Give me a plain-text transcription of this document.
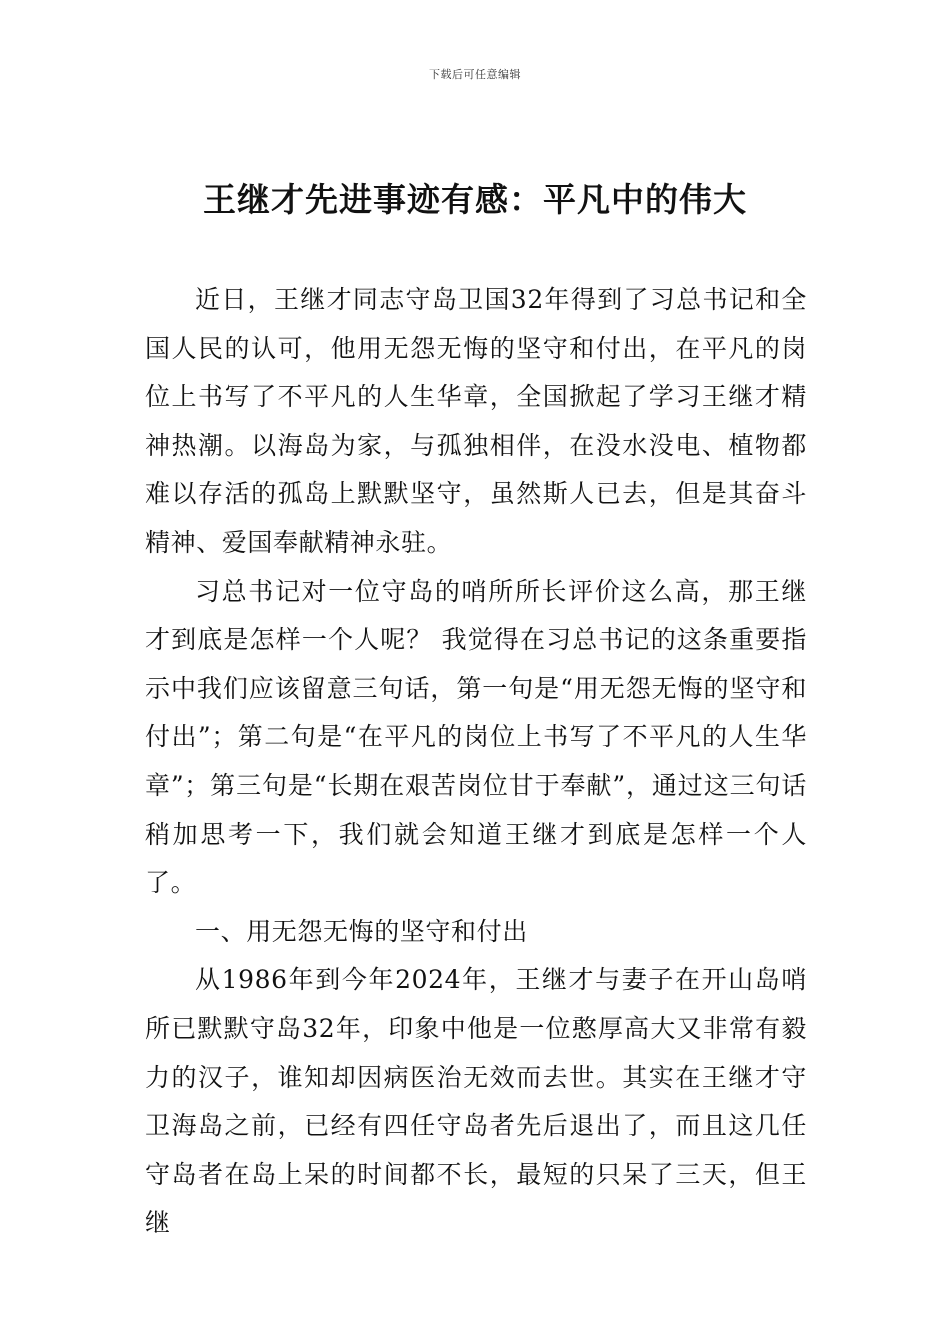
下载后可任意编辑
王继才先进事迹有感：平凡中的伟大

近日，王继才同志守岛卫国32年得到了习总书记和全国人民的认可，他用无怨无悔的坚守和付出，在平凡的岗位上书写了不平凡的人生华章，全国掀起了学习王继才精神热潮。以海岛为家，与孤独相伴，在没水没电、植物都难以存活的孤岛上默默坚守，虽然斯人已去，但是其奋斗精神、爱国奉献精神永驻。

习总书记对一位守岛的哨所所长评价这么高，那王继才到底是怎样一个人呢？ 我觉得在习总书记的这条重要指示中我们应该留意三句话，第一句是“用无怨无悔的坚守和付出”；第二句是“在平凡的岗位上书写了不平凡的人生华章”；第三句是“长期在艰苦岗位甘于奉献”，通过这三句话稍加思考一下，我们就会知道王继才到底是怎样一个人了。

一、用无怨无悔的坚守和付出

从1986年到今年2024年，王继才与妻子在开山岛哨所已默默守岛32年，印象中他是一位憨厚高大又非常有毅力的汉子，谁知却因病医治无效而去世。其实在王继才守卫海岛之前，已经有四任守岛者先后退出了，而且这几任守岛者在岛上呆的时间都不长，最短的只呆了三天，但王继
